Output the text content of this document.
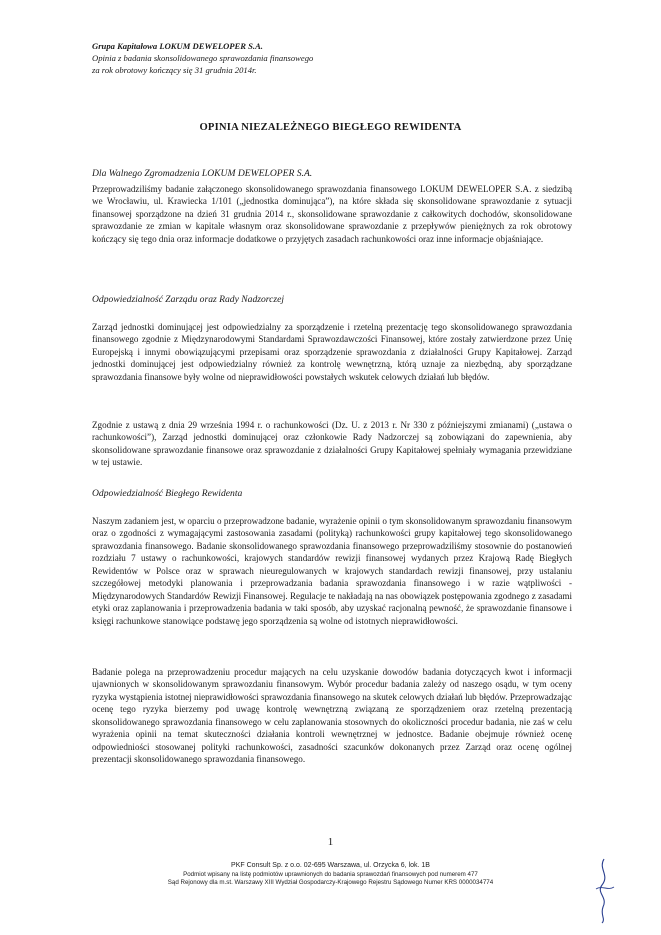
Grupa Kapitałowa LOKUM DEWELOPER S.A.
Opinia z badania skonsolidowanego sprawozdania finansowego
za rok obrotowy kończący się 31 grudnia 2014r.
OPINIA NIEZALEŻNEGO BIEGŁEGO REWIDENTA
Dla Walnego Zgromadzenia LOKUM DEWELOPER S.A.
Przeprowadziliśmy badanie załączonego skonsolidowanego sprawozdania finansowego LOKUM DEWELOPER S.A. z siedzibą we Wrocławiu, ul. Krawiecka 1/101 („jednostka dominująca”), na które składa się skonsolidowane sprawozdanie z sytuacji finansowej sporządzone na dzień 31 grudnia 2014 r., skonsolidowane sprawozdanie z całkowitych dochodów, skonsolidowane sprawozdanie ze zmian w kapitale własnym oraz skonsolidowane sprawozdanie z przepływów pieniężnych za rok obrotowy kończący się tego dnia oraz informacje dodatkowe o przyjętych zasadach rachunkowości oraz inne informacje objaśniające.
Odpowiedzialność Zarządu oraz Rady Nadzorczej
Zarząd jednostki dominującej jest odpowiedzialny za sporządzenie i rzetelną prezentację tego skonsolidowanego sprawozdania finansowego zgodnie z Międzynarodowymi Standardami Sprawozdawczości Finansowej, które zostały zatwierdzone przez Unię Europejską i innymi obowiązującymi przepisami oraz sporządzenie sprawozdania z działalności Grupy Kapitałowej. Zarząd jednostki dominującej jest odpowiedzialny również za kontrolę wewnętrzną, którą uznaje za niezbędną, aby sporządzane sprawozdania finansowe były wolne od nieprawidłowości powstałych wskutek celowych działań lub błędów.
Zgodnie z ustawą z dnia 29 września 1994 r. o rachunkowości (Dz. U. z 2013 r. Nr 330 z późniejszymi zmianami) („ustawa o rachunkowości”), Zarząd jednostki dominującej oraz członkowie Rady Nadzorczej są zobowiązani do zapewnienia, aby skonsolidowane sprawozdanie finansowe oraz sprawozdanie z działalności Grupy Kapitałowej spełniały wymagania przewidziane w tej ustawie.
Odpowiedzialność Biegłego Rewidenta
Naszym zadaniem jest, w oparciu o przeprowadzone badanie, wyrażenie opinii o tym skonsolidowanym sprawozdaniu finansowym oraz o zgodności z wymagającymi zastosowania zasadami (polityką) rachunkowości grupy kapitałowej tego skonsolidowanego sprawozdania finansowego. Badanie skonsolidowanego sprawozdania finansowego przeprowadziliśmy stosownie do postanowień rozdziału 7 ustawy o rachunkowości, krajowych standardów rewizji finansowej wydanych przez Krajową Radę Biegłych Rewidentów w Polsce oraz w sprawach nieuregulowanych w krajowych standardach rewizji finansowej, przy ustalaniu szczegółowej metodyki planowania i przeprowadzania badania sprawozdania finansowego i w razie wątpliwości - Międzynarodowych Standardów Rewizji Finansowej. Regulacje te nakładają na nas obowiązek postępowania zgodnego z zasadami etyki oraz zaplanowania i przeprowadzenia badania w taki sposób, aby uzyskać racjonalną pewność, że sprawozdanie finansowe i księgi rachunkowe stanowiące podstawę jego sporządzenia są wolne od istotnych nieprawidłowości.
Badanie polega na przeprowadzeniu procedur mających na celu uzyskanie dowodów badania dotyczących kwot i informacji ujawnionych w skonsolidowanym sprawozdaniu finansowym. Wybór procedur badania zależy od naszego osądu, w tym oceny ryzyka wystąpienia istotnej nieprawidłowości sprawozdania finansowego na skutek celowych działań lub błędów. Przeprowadzając ocenę tego ryzyka bierzemy pod uwagę kontrolę wewnętrzną związaną ze sporządzeniem oraz rzetelną prezentacją skonsolidowanego sprawozdania finansowego w celu zaplanowania stosownych do okoliczności procedur badania, nie zaś w celu wyrażenia opinii na temat skuteczności działania kontroli wewnętrznej w jednostce. Badanie obejmuje również ocenę odpowiedniości stosowanej polityki rachunkowości, zasadności szacunków dokonanych przez Zarząd oraz ocenę ogólnej prezentacji skonsolidowanego sprawozdania finansowego.
1
PKF Consult Sp. z o.o. 02-695 Warszawa, ul. Orzycka 6, lok. 1B
Podmiot wpisany na listę podmiotów uprawnionych do badania sprawozdań finansowych pod numerem 477
Sąd Rejonowy dla m.st. Warszawy XIII Wydział Gospodarczy-Krajowego Rejestru Sądowego Numer KRS 0000034774
